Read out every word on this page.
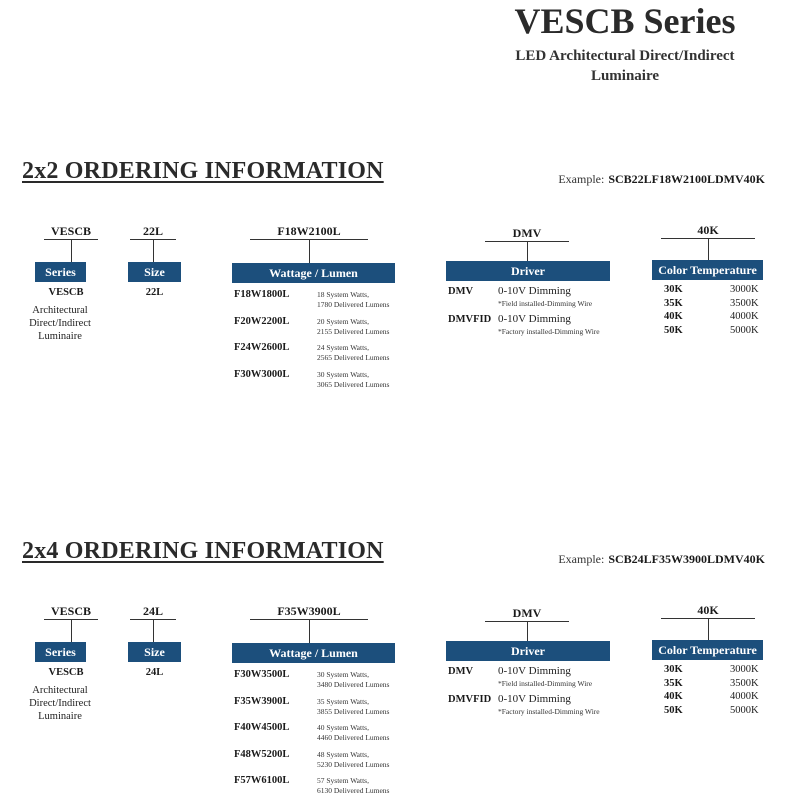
VESCB Series
LED Architectural Direct/Indirect
Luminaire
2x2 ORDERING INFORMATION	Example: SCB22LF18W2100LDMV40K
VESCB
Series
22L
Size
F18W2100L
Wattage / Lumen
DMV
Driver
40K
Color Temperature
VESCB
Architectural
Direct/Indirect
Luminaire
22L	F18W1800L	18 System Watts,
1780 Delivered Lumens
F20W2200L	20 System Watts,
2155 Delivered Lumens
F24W2600L	24 System Watts,
2565 Delivered Lumens
F30W3000L	30 System Watts,
3065 Delivered Lumens
DMV 0-10V Dimming
*Field installed-Dimming Wire
DMVFID 0-10V Dimming
*Factory installed-Dimming Wire
30K	3000K
35K	3500K
40K	4000K
50K	5000K
2x4 ORDERING INFORMATION	Example: SCB24LF35W3900LDMV40K
VESCB
Series
24L
Size
F35W3900L
Wattage / Lumen
DMV
Driver
40K
Color Temperature
VESCB
Architectural
Direct/Indirect
Luminaire
24L	F30W3500L	30 System Watts,
3480 Delivered Lumens
F35W3900L	35 System Watts,
3855 Delivered Lumens
F40W4500L	40 System Watts,
4460 Delivered Lumens
F48W5200L	48 System Watts,
5230 Delivered Lumens
F57W6100L	57 System Watts,
6130 Delivered Lumens
DMV 0-10V Dimming
*Field installed-Dimming Wire
DMVFID 0-10V Dimming
*Factory installed-Dimming Wire
30K	3000K
35K	3500K
40K	4000K
50K	5000K
